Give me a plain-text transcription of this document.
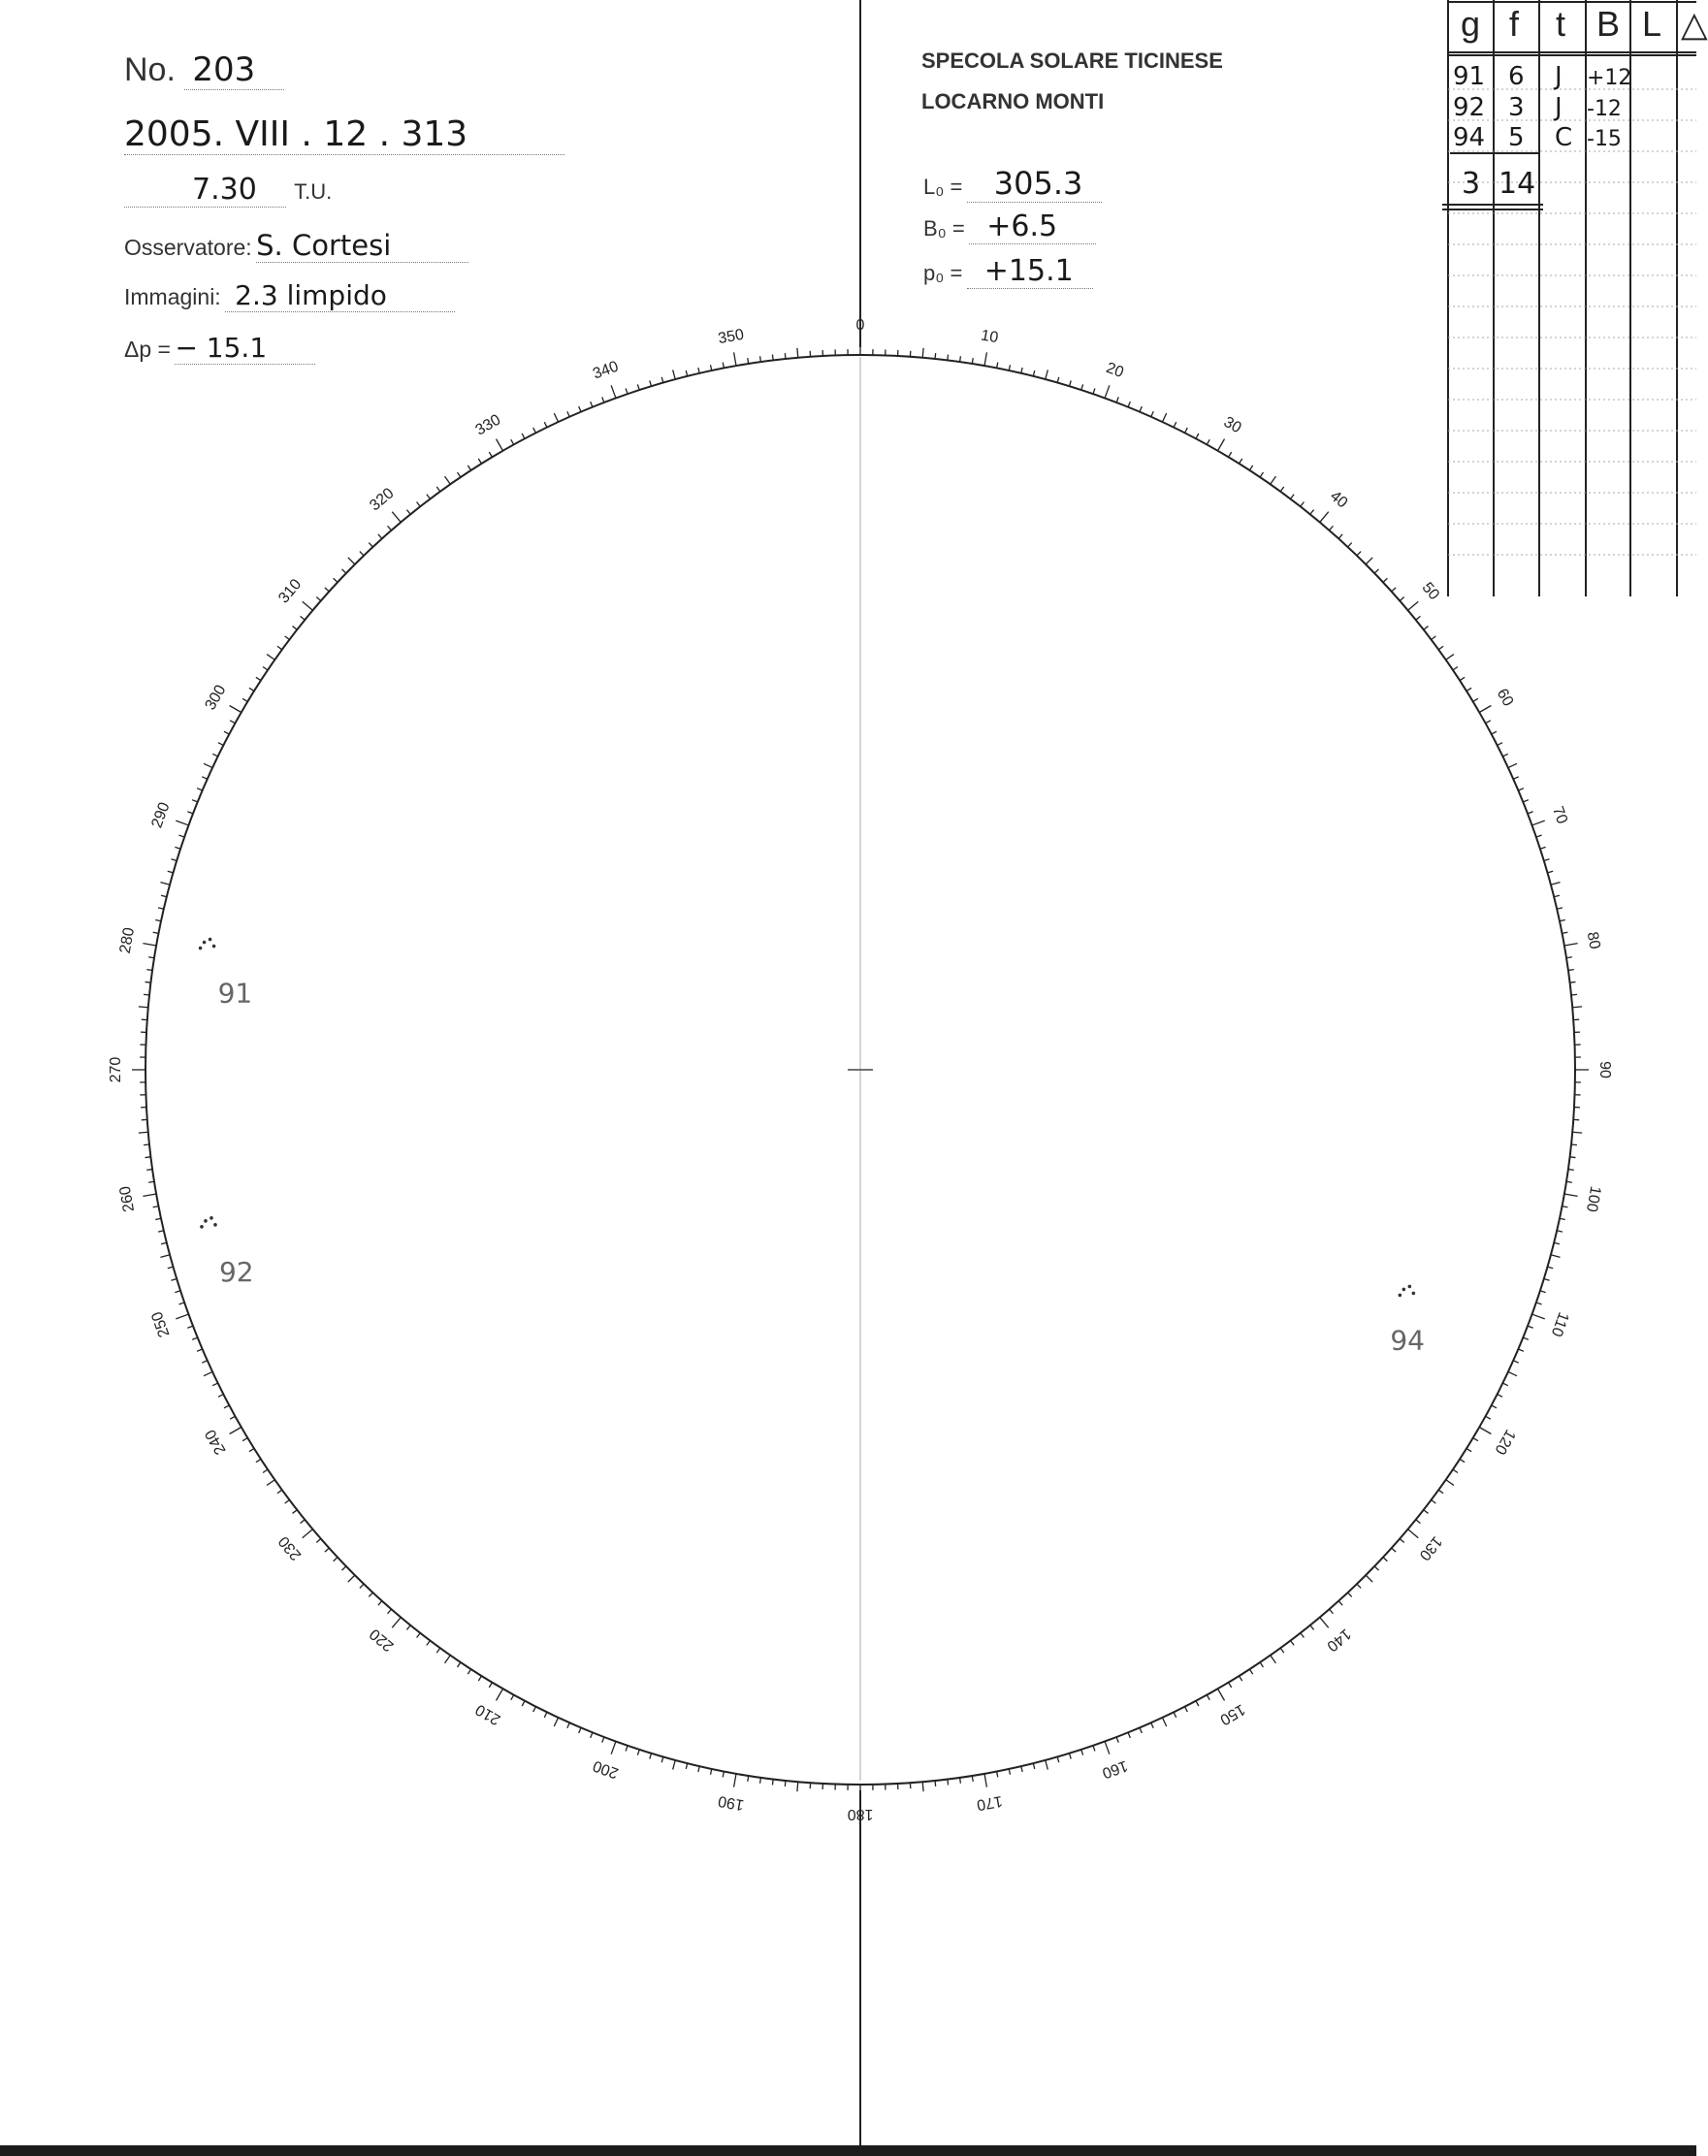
No. 203
2005. VIII . 12 . 313
7.30 T.U.
Osservatore: S. Cortesi
Immagini: 2.3 limpido
Δp = − 15.1
SPECOLA SOLARE TICINESE
LOCARNO MONTI
L₀ = 305.3
B₀ = +6.5
p₀ = +15.1
g f t B L △
91 6 J +12
92 3 J -12
94 5 C -15
3 14
0
10
20
30
40
50
60
70
80
90
100
110
120
130
140
150
160
170
180
190
200
210
220
230
240
250
260
270
280
290
300
310
320
330
340
350
91
92
94
